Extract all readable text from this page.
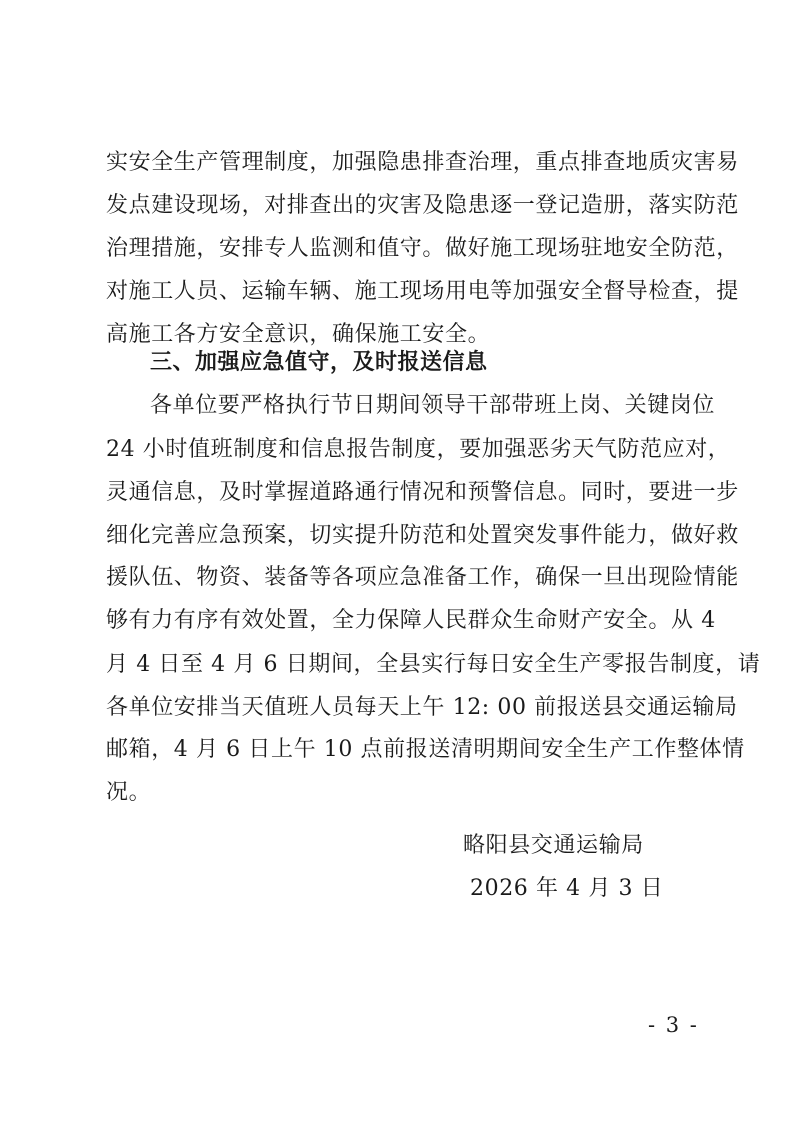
实安全生产管理制度，加强隐患排查治理，重点排查地质灾害易
发点建设现场，对排查出的灾害及隐患逐一登记造册，落实防范
治理措施，安排专人监测和值守。做好施工现场驻地安全防范，
对施工人员、运输车辆、施工现场用电等加强安全督导检查，提
高施工各方安全意识，确保施工安全。
三、加强应急值守，及时报送信息
各单位要严格执行节日期间领导干部带班上岗、关键岗位
24 小时值班制度和信息报告制度，要加强恶劣天气防范应对，
灵通信息，及时掌握道路通行情况和预警信息。同时，要进一步
细化完善应急预案，切实提升防范和处置突发事件能力，做好救
援队伍、物资、装备等各项应急准备工作，确保一旦出现险情能
够有力有序有效处置，全力保障人民群众生命财产安全。从 4
月 4 日至 4 月 6 日期间，全县实行每日安全生产零报告制度，请
各单位安排当天值班人员每天上午 12: 00 前报送县交通运输局
邮箱，4 月 6 日上午 10 点前报送清明期间安全生产工作整体情
况。
略阳县交通运输局
2026 年 4 月 3 日
- 3 -
